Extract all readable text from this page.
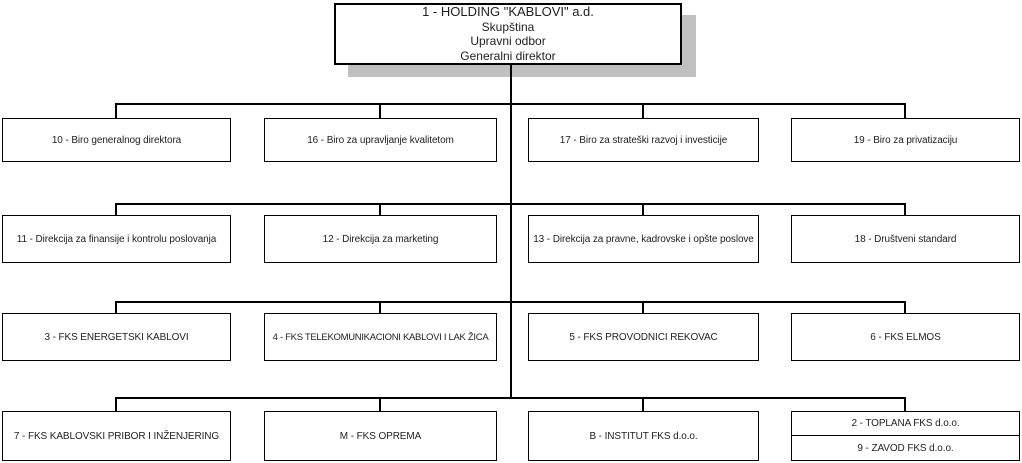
1 - HOLDING "KABLOVI" a.d.
Skupština
Upravni odbor
Generalni direktor
10 - Biro generalnog direktora	16 - Biro za upravljanje kvalitetom	17 - Biro za strateški razvoj i investicije	19 - Biro za privatizaciju
11 - Direkcija za finansije i kontrolu poslovanja	12 - Direkcija za marketing	13 - Direkcija za pravne, kadrovske i opšte poslove	18 - Društveni standard
3 - FKS ENERGETSKI KABLOVI	4 - FKS TELEKOMUNIKACIONI KABLOVI I LAK ŽICA	5 - FKS PROVODNICI REKOVAC	6 - FKS ELMOS
7 - FKS KABLOVSKI PRIBOR I INŽENJERING	M - FKS OPREMA	B - INSTITUT FKS d.o.o.
2 - TOPLANA FKS d.o.o.
9 - ZAVOD FKS d.o.o.
